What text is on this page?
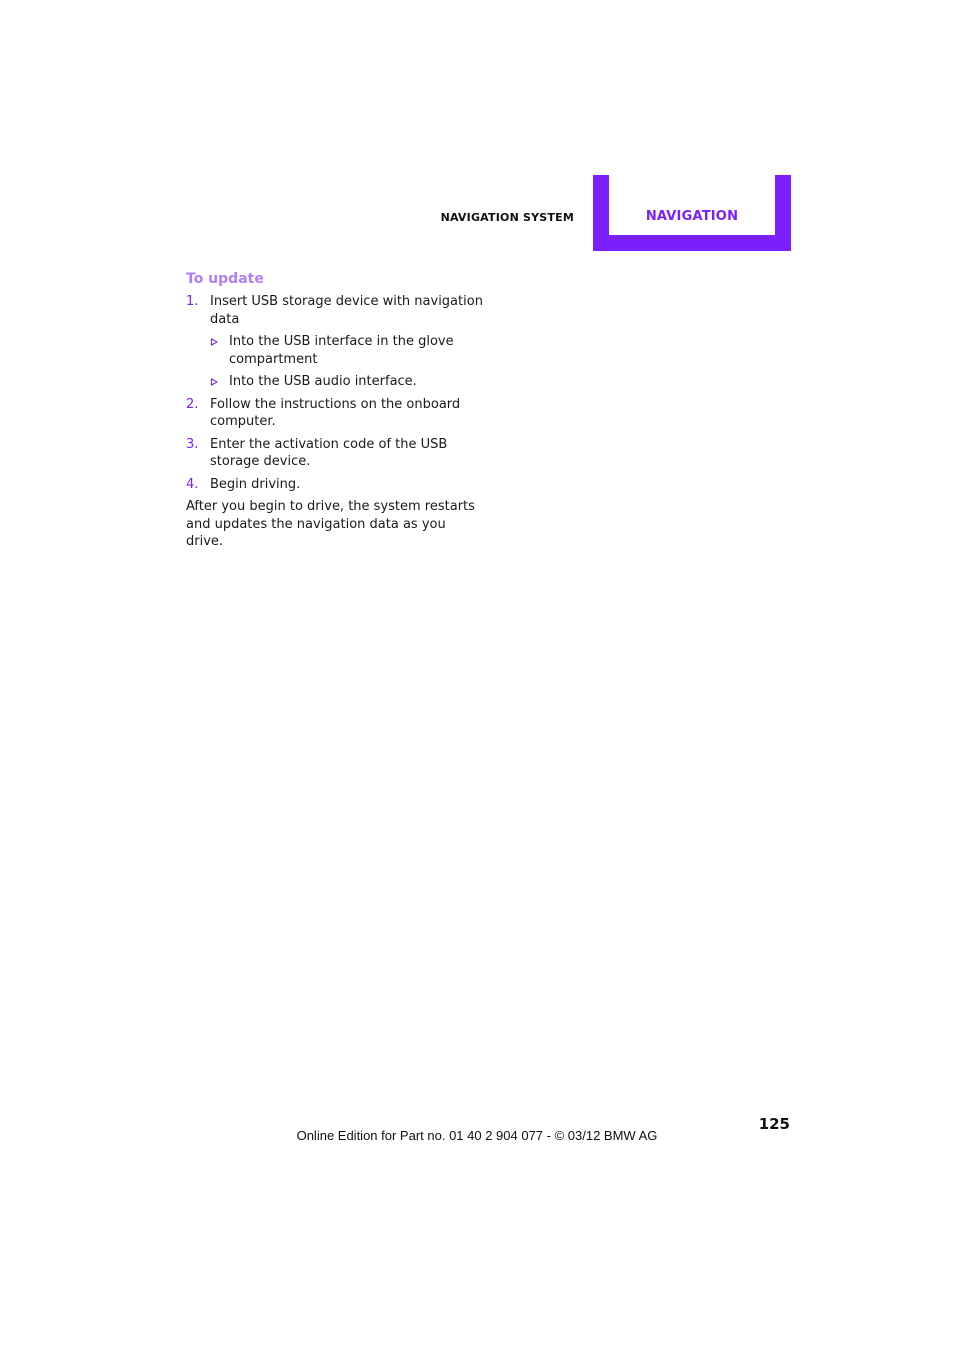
NAVIGATION SYSTEM	NAVIGATION
To update
1. Insert USB storage device with navigation data
Into the USB interface in the glove compartment
Into the USB audio interface.
2. Follow the instructions on the onboard computer.
3. Enter the activation code of the USB storage device.
4. Begin driving.

After you begin to drive, the system restarts and updates the navigation data as you drive.

125
Online Edition for Part no. 01 40 2 904 077 - © 03/12 BMW AG
